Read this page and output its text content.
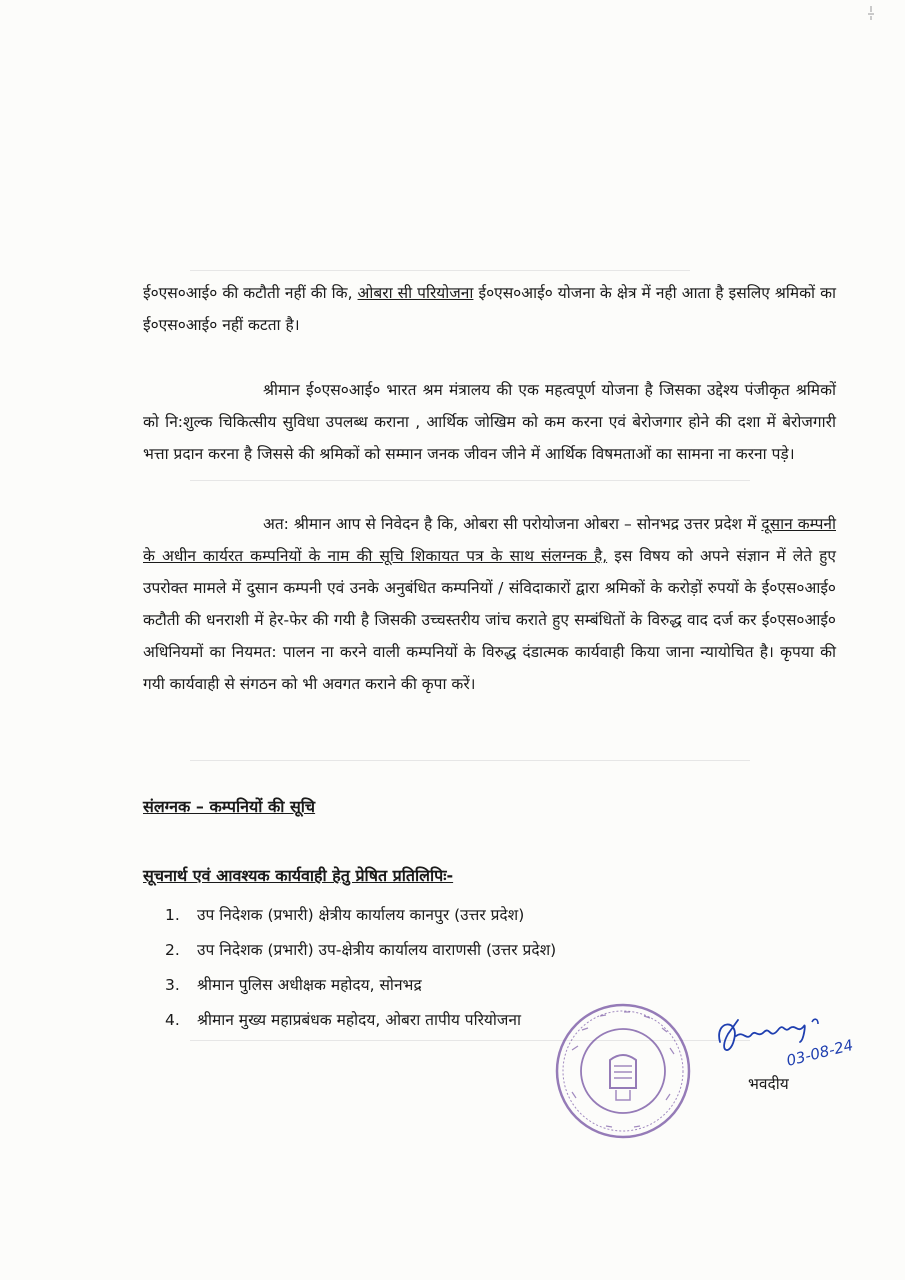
ई०एस०आई० की कटौती नहीं की कि, ओबरा सी परियोजना ई०एस०आई० योजना के क्षेत्र में नही आता है इसलिए श्रमिकों का ई०एस०आई० नहीं कटता है।

श्रीमान ई०एस०आई० भारत श्रम मंत्रालय की एक महत्वपूर्ण योजना है जिसका उद्देश्य पंजीकृत श्रमिकों को नि:शुल्क चिकित्सीय सुविधा उपलब्ध कराना , आर्थिक जोखिम को कम करना एवं बेरोजगार होने की दशा में बेरोजगारी भत्ता प्रदान करना है जिससे की श्रमिकों को सम्मान जनक जीवन जीने में आर्थिक विषमताओं का सामना ना करना पड़े।

अत: श्रीमान आप से निवेदन है कि, ओबरा सी परोयोजना ओबरा – सोनभद्र उत्तर प्रदेश में दूसान कम्पनी के अधीन कार्यरत कम्पनियों के नाम की सूचि शिकायत पत्र के साथ संलग्नक है, इस विषय को अपने संज्ञान में लेते हुए उपरोक्त मामले में दुसान कम्पनी एवं उनके अनुबंधित कम्पनियों / संविदाकारों द्वारा श्रमिकों के करोड़ों रुपयों के ई०एस०आई० कटौती की धनराशी में हेर-फेर की गयी है जिसकी उच्चस्तरीय जांच कराते हुए सम्बंधितों के विरुद्ध वाद दर्ज कर ई०एस०आई० अधिनियमों का नियमत: पालन ना करने वाली कम्पनियों के विरुद्ध दंडात्मक कार्यवाही किया जाना न्यायोचित है। कृपया की गयी कार्यवाही से संगठन को भी अवगत कराने की कृपा करें।

संलग्नक – कम्पनियों की सूचि
सूचनार्थ एवं आवश्यक कार्यवाही हेतु प्रेषित प्रतिलिपिः-
1. उप निदेशक (प्रभारी) क्षेत्रीय कार्यालय कानपुर (उत्तर प्रदेश)
2. उप निदेशक (प्रभारी) उप-क्षेत्रीय कार्यालय वाराणसी (उत्तर प्रदेश)
3. श्रीमान पुलिस अधीक्षक महोदय, सोनभद्र
4. श्रीमान मुख्य महाप्रबंधक महोदय, ओबरा तापीय परियोजना
03-08-24
भवदीय
